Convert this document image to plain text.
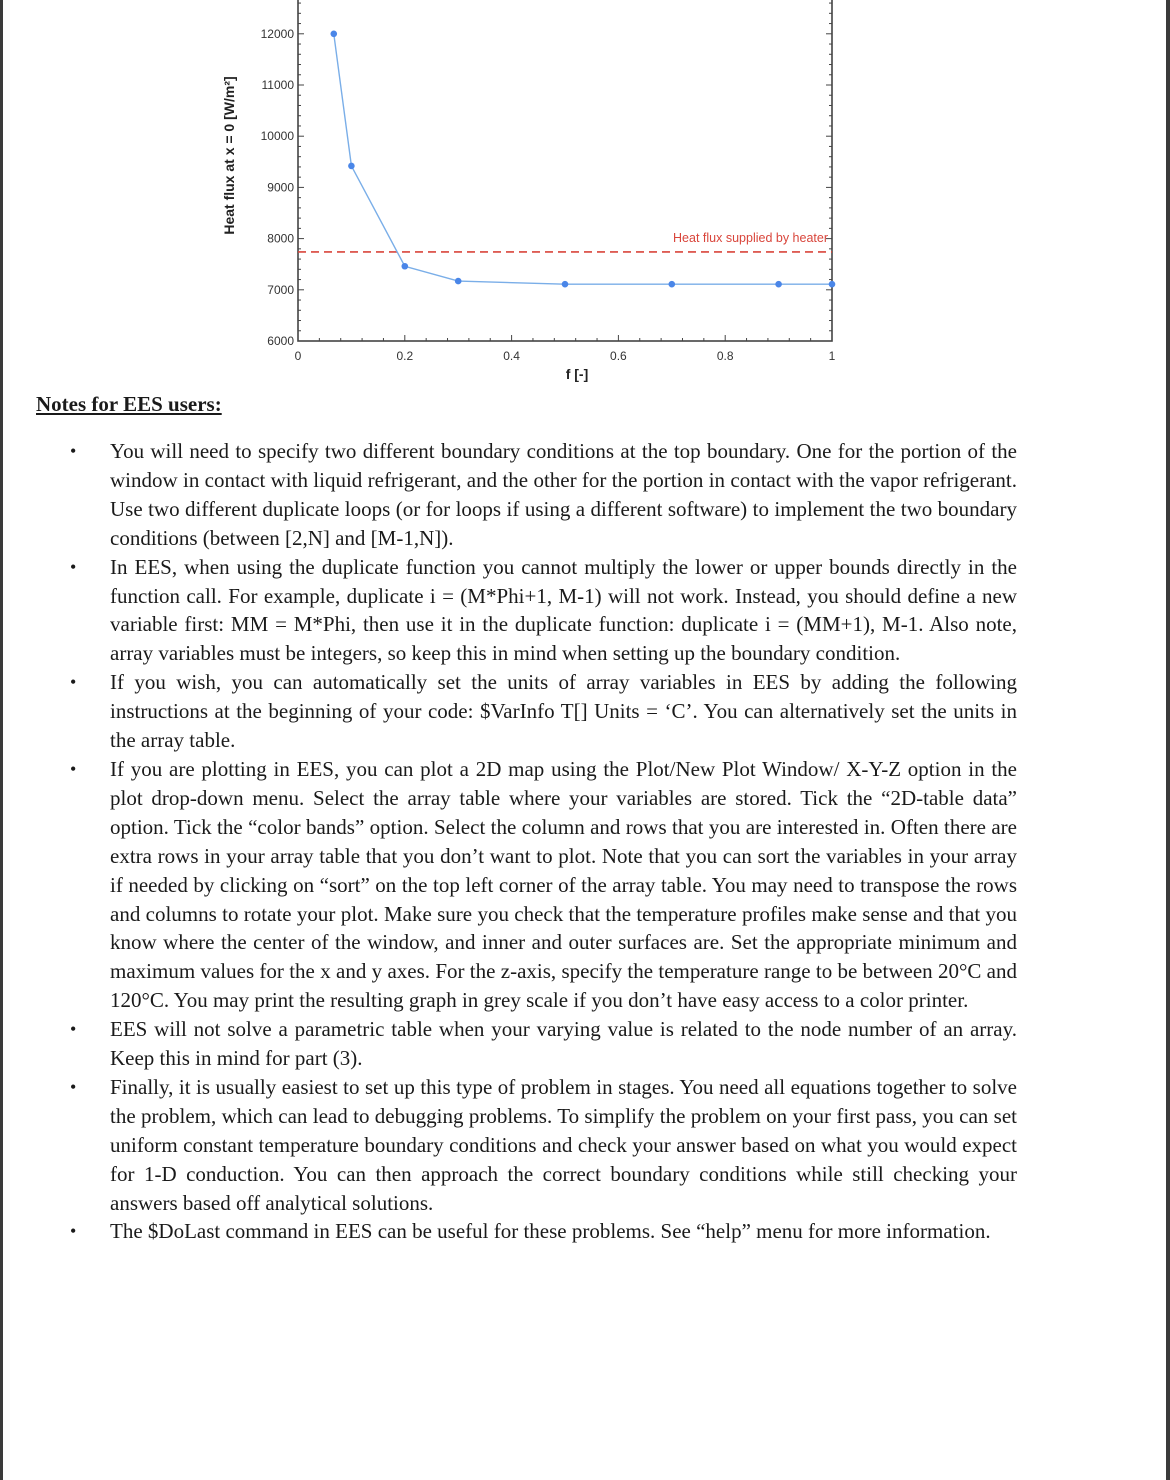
0	0.2	0.4	0.6	0.8	1
6000
7000
8000
9000
10000
11000
12000
f [-]
Heat flux at x = 0 [W/m²]
Heat flux supplied by heater
Notes for EES users:
• You will need to specify two different boundary conditions at the top boundary. One for the portion of the window in contact with liquid refrigerant, and the other for the portion in contact with the vapor refrigerant. Use two different duplicate loops (or for loops if using a different software) to implement the two boundary conditions (between [2,N] and [M-1,N]).
• In EES, when using the duplicate function you cannot multiply the lower or upper bounds directly in the function call. For example, duplicate i = (M*Phi+1, M-1) will not work. Instead, you should define a new variable first: MM = M*Phi, then use it in the duplicate function: duplicate i = (MM+1), M-1. Also note, array variables must be integers, so keep this in mind when setting up the boundary condition.
• If you wish, you can automatically set the units of array variables in EES by adding the following instructions at the beginning of your code: $VarInfo T[] Units = ‘C’. You can alternatively set the units in the array table.
• If you are plotting in EES, you can plot a 2D map using the Plot/New Plot Window/ X-Y-Z option in the plot drop-down menu. Select the array table where your variables are stored. Tick the “2D-table data” option. Tick the “color bands” option. Select the column and rows that you are interested in. Often there are extra rows in your array table that you don’t want to plot. Note that you can sort the variables in your array if needed by clicking on “sort” on the top left corner of the array table. You may need to transpose the rows and columns to rotate your plot. Make sure you check that the temperature profiles make sense and that you know where the center of the window, and inner and outer surfaces are. Set the appropriate minimum and maximum values for the x and y axes. For the z-axis, specify the temperature range to be between 20°C and 120°C. You may print the resulting graph in grey scale if you don’t have easy access to a color printer.
• EES will not solve a parametric table when your varying value is related to the node number of an array. Keep this in mind for part (3).
• Finally, it is usually easiest to set up this type of problem in stages. You need all equations together to solve the problem, which can lead to debugging problems. To simplify the problem on your first pass, you can set uniform constant temperature boundary conditions and check your answer based on what you would expect for 1-D conduction. You can then approach the correct boundary conditions while still checking your answers based off analytical solutions.
• The $DoLast command in EES can be useful for these problems. See “help” menu for more information.
